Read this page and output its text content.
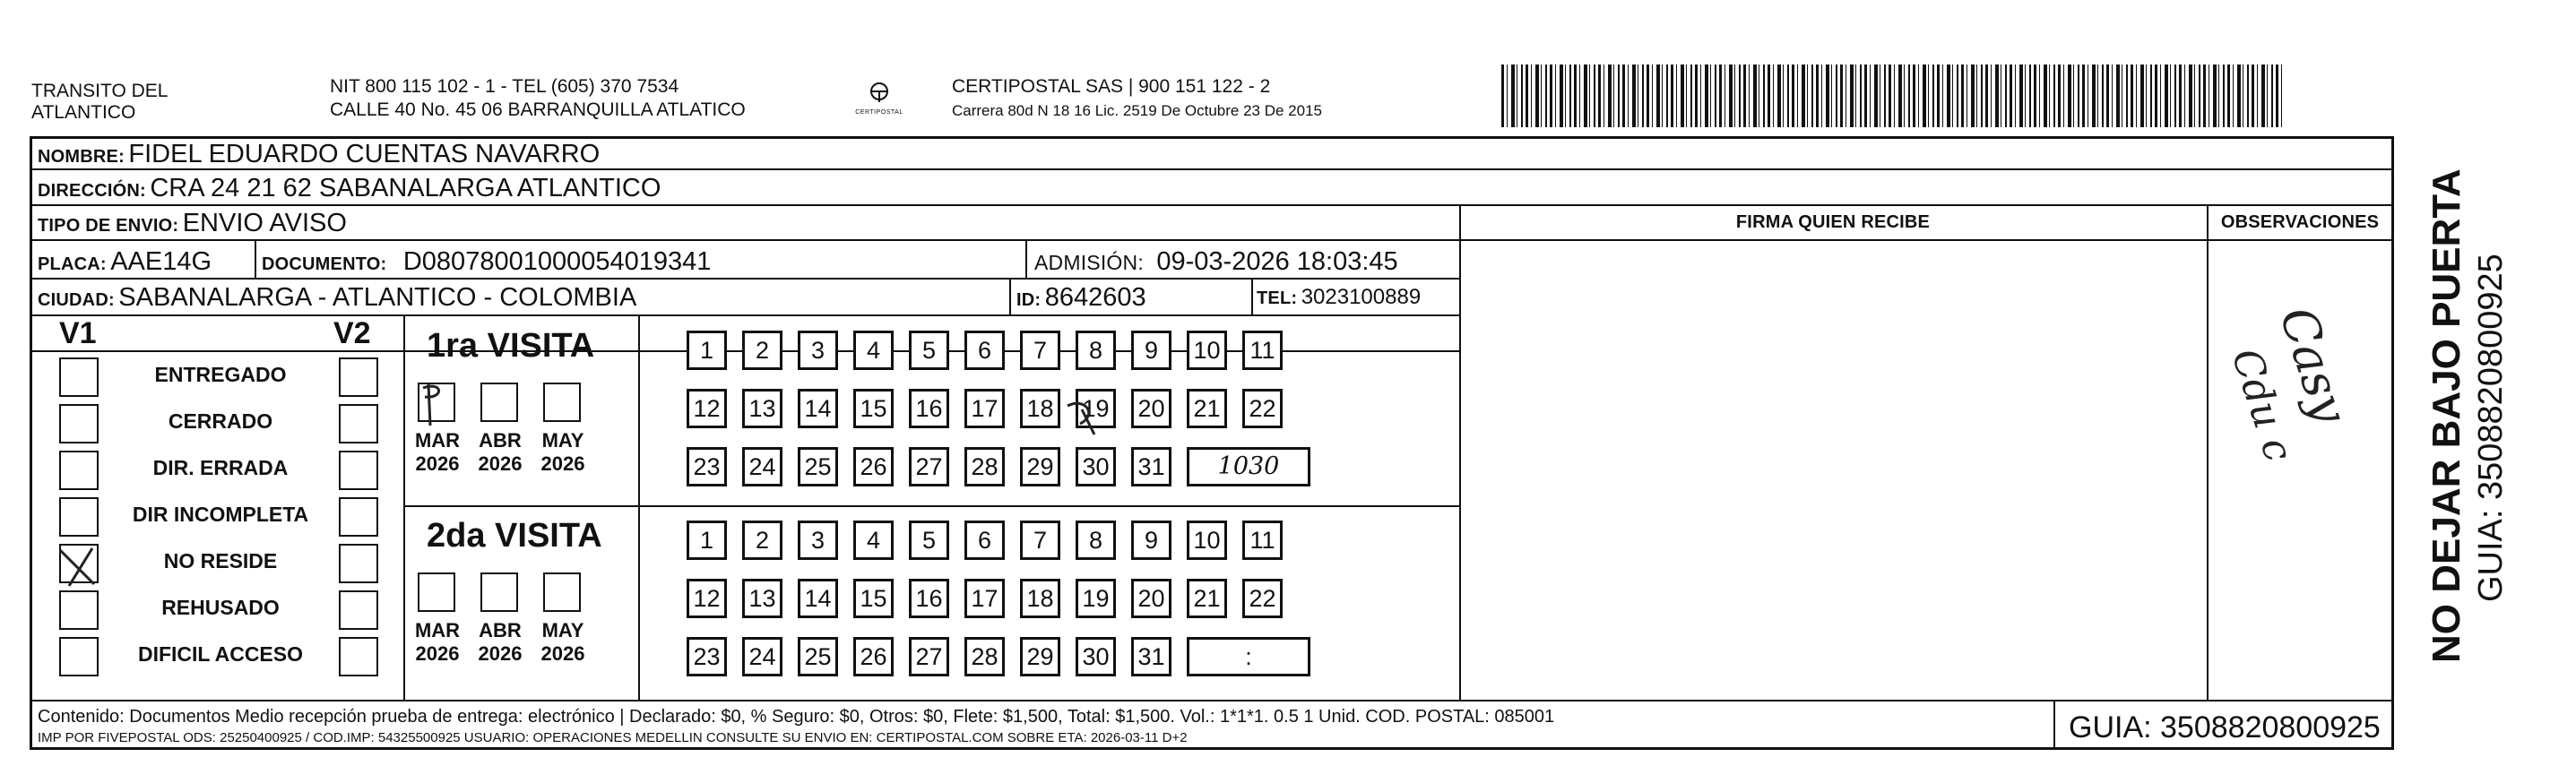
TRANSITO DEL
ATLANTICO
NIT 800 115 102 - 1 - TEL (605) 370 7534
CALLE 40 No. 45 06 BARRANQUILLA ATLATICO	CERTIPOSTAL
CERTIPOSTAL SAS | 900 151 122 - 2
Carrera 80d N 18 16 Lic. 2519 De Octubre 23 De 2015
NO DEJAR BAJO PUERTA GUIA: 3508820800925
NOMBRE: FIDEL EDUARDO CUENTAS NAVARRO
DIRECCIÓN: CRA 24 21 62 SABANALARGA ATLANTICO
TIPO DE ENVIO: ENVIO AVISO	FIRMA QUIEN RECIBE	OBSERVACIONES
PLACA: AAE14G	DOCUMENTO: D08078001000054019341	ADMISIÓN: 09-03-2026 18:03:45
CIUDAD: SABANALARGA - ATLANTICO - COLOMBIA	ID: 8642603	TEL: 3023100889
V1	V2
ENTREGADO
CERRADO
DIR. ERRADA
DIR INCOMPLETA
NO RESIDE
REHUSADO
DIFICIL ACCESO
1ra VISITA
2da VISITA
MAR
2026
ABR
2026
MAY
2026
1	2	3	4	5	6	7	8	9	10	11
12 13 14 15 16 17 18 19 20 21 22
23 24 25 26 27 28 29 30 31	1030
MAR
2026
ABR
2026
MAY
2026
1	2	3	4	5	6	7	8	9	10	11
12 13 14 15 16 17 18 19 20 21 22
23 24 25 26 27 28 29 30 31	:
Casy
Cdu c
Contenido: Documentos Medio recepción prueba de entrega: electrónico | Declarado: $0, % Seguro: $0, Otros: $0, Flete: $1,500, Total: $1,500. Vol.: 1*1*1. 0.5 1 Unid. COD. POSTAL: 085001
IMP POR FIVEPOSTAL ODS: 25250400925 / COD.IMP: 54325500925 USUARIO: OPERACIONES MEDELLIN CONSULTE SU ENVIO EN: CERTIPOSTAL.COM SOBRE ETA: 2026-03-11 D+2	GUIA: 3508820800925
